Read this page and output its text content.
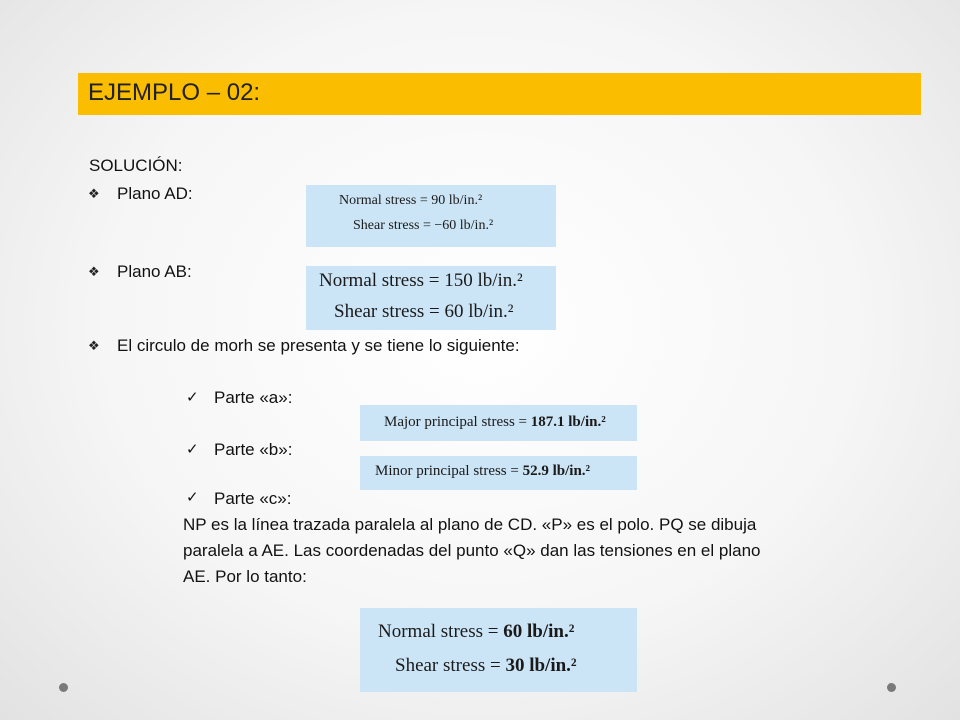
EJEMPLO – 02:
SOLUCIÓN:
❖ Plano AD:	Normal stress = 90 lb/in.²
Shear stress = −60 lb/in.²
❖ Plano AB:	Normal stress = 150 lb/in.²
Shear stress = 60 lb/in.²
❖ El circulo de morh se presenta y se tiene lo siguiente:
✓ Parte «a»:
Major principal stress = 187.1 lb/in.²
✓ Parte «b»:
Minor principal stress = 52.9 lb/in.²
✓ Parte «c»:
NP es la línea trazada paralela al plano de CD. «P» es el polo. PQ se dibuja
paralela a AE. Las coordenadas del punto «Q» dan las tensiones en el plano
AE. Por lo tanto:
Normal stress = 60 lb/in.²
Shear stress = 30 lb/in.²
